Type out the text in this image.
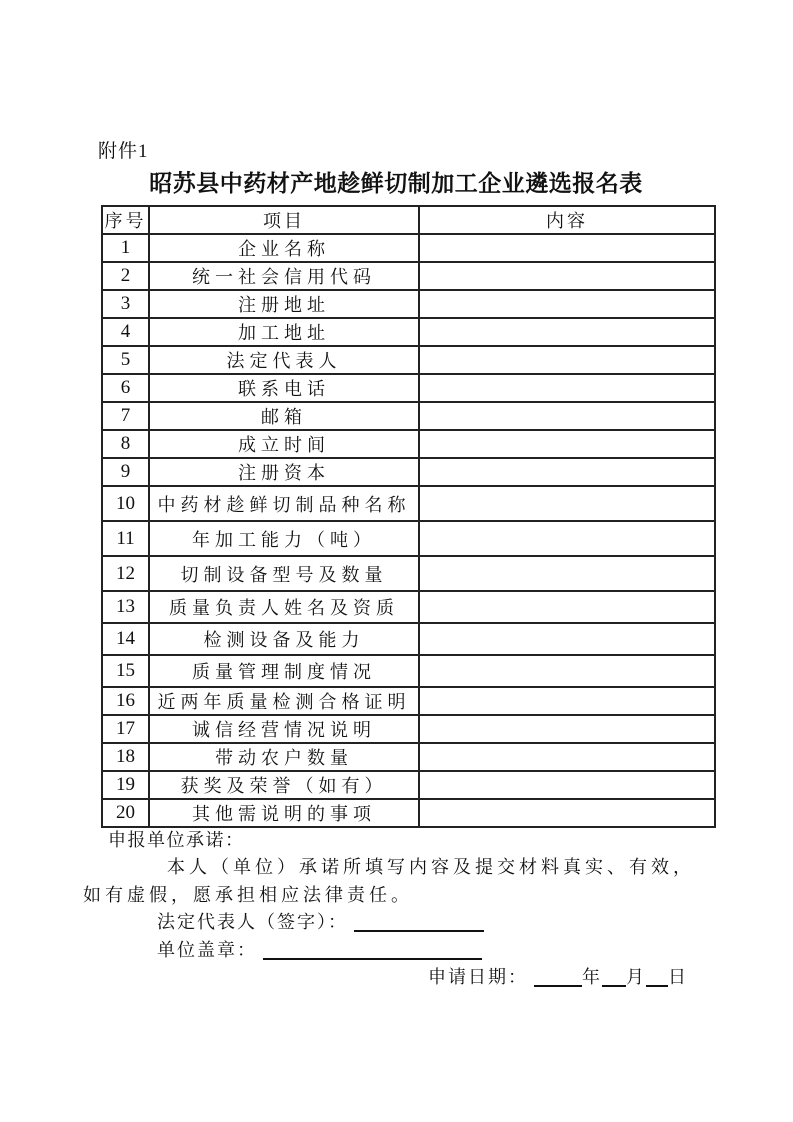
附件1
昭苏县中药材产地趁鲜切制加工企业遴选报名表
序号	项目	内容
1	企业名称	
2	统一社会信用代码	
3	注册地址	
4	加工地址	
5	法定代表人	
6	联系电话	
7	邮箱	
8	成立时间	
9	注册资本	
10	中药材趁鲜切制品种名称	
11	年加工能力（吨）	
12	切制设备型号及数量	
13	质量负责人姓名及资质	
14	检测设备及能力	
15	质量管理制度情况	
16	近两年质量检测合格证明	
17	诚信经营情况说明	
18	带动农户数量	
19	获奖及荣誉（如有）	
20	其他需说明的事项	
申报单位承诺：
本人（单位）承诺所填写内容及提交材料真实、有效，
如有虚假，愿承担相应法律责任。
法定代表人（签字）：
单位盖章：
申请日期：	年 月 日
